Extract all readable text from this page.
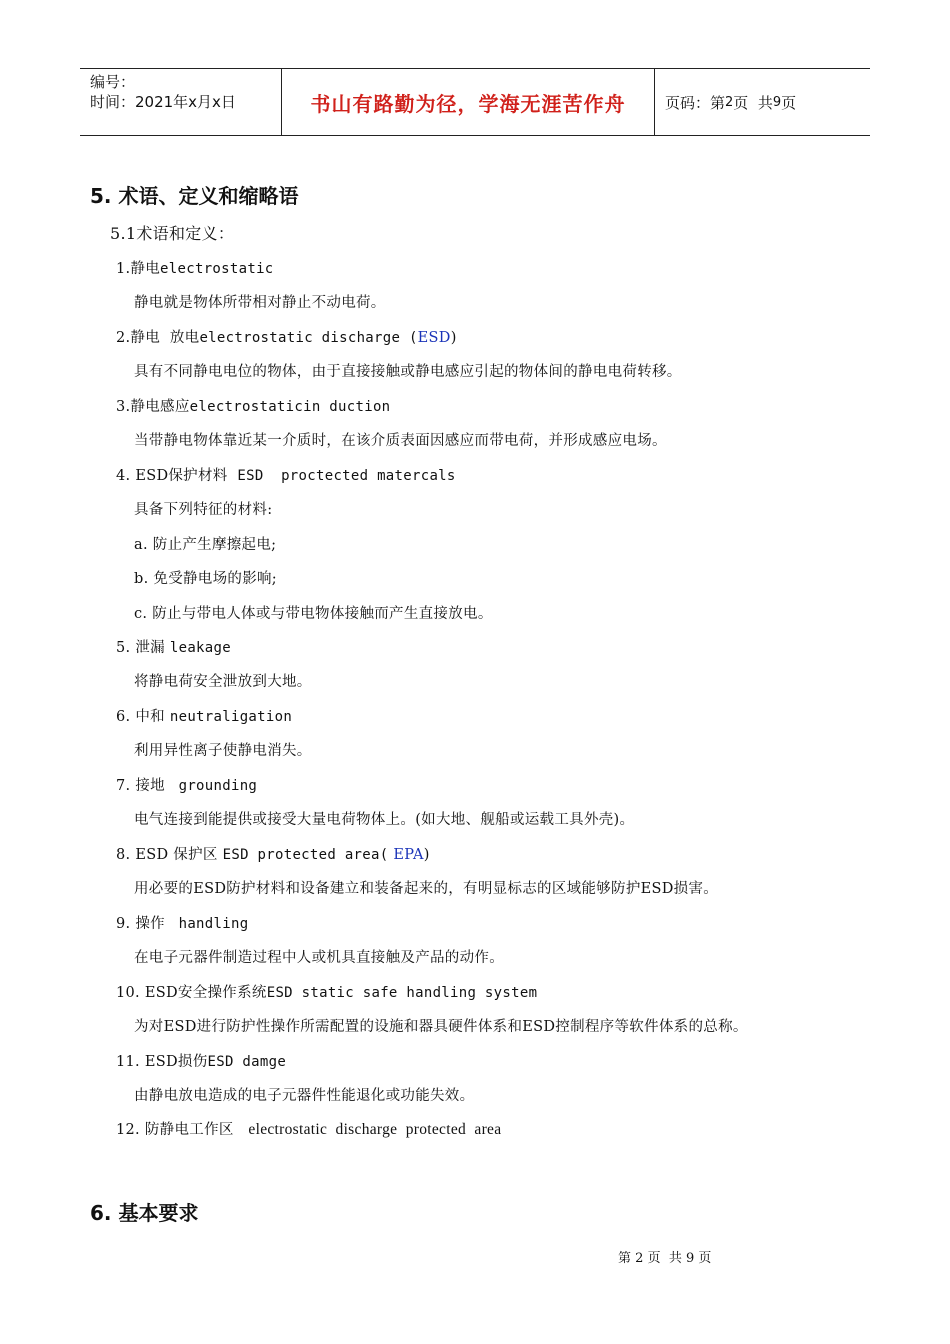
编号：
时间：2021年x月x日	书山有路勤为径，学海无涯苦作舟	页码：第 2 页  共 9 页
5. 术语、定义和缩略语
5.1术语和定义：
1.静电electrostatic
静电就是物体所带相对静止不动电荷。
2.静电  放电electrostatic discharge (ESD)
具有不同静电电位的物体，由于直接接触或静电感应引起的物体间的静电电荷转移。
3.静电感应electrostaticin duction
当带静电物体靠近某一介质时，在该介质表面因感应而带电荷，并形成感应电场。
4. ESD保护材料 ESD  proctected matercals
具备下列特征的材料:
a. 防止产生摩擦起电;
b. 免受静电场的影响;
c. 防止与带电人体或与带电物体接触而产生直接放电。
5. 泄漏 leakage
将静电荷安全泄放到大地。
6. 中和 neutraligation
利用异性离子使静电消失。
7. 接地  grounding
电气连接到能提供或接受大量电荷物体上。(如大地、舰船或运载工具外壳)。
8. ESD 保护区 ESD protected area( EPA)
用必要的ESD防护材料和设备建立和装备起来的，有明显标志的区域能够防护ESD损害。
9. 操作  handling
在电子元器件制造过程中人或机具直接触及产品的动作。
10. ESD安全操作系统ESD static safe handling system
为对ESD进行防护性操作所需配置的设施和器具硬件体系和ESD控制程序等软件体系的总称。
11. ESD损伤ESD damge
由静电放电造成的电子元器件性能退化或功能失效。
12. 防静电工作区 electrostatic  discharge  protected  area
6. 基本要求
第 2 页  共 9 页
